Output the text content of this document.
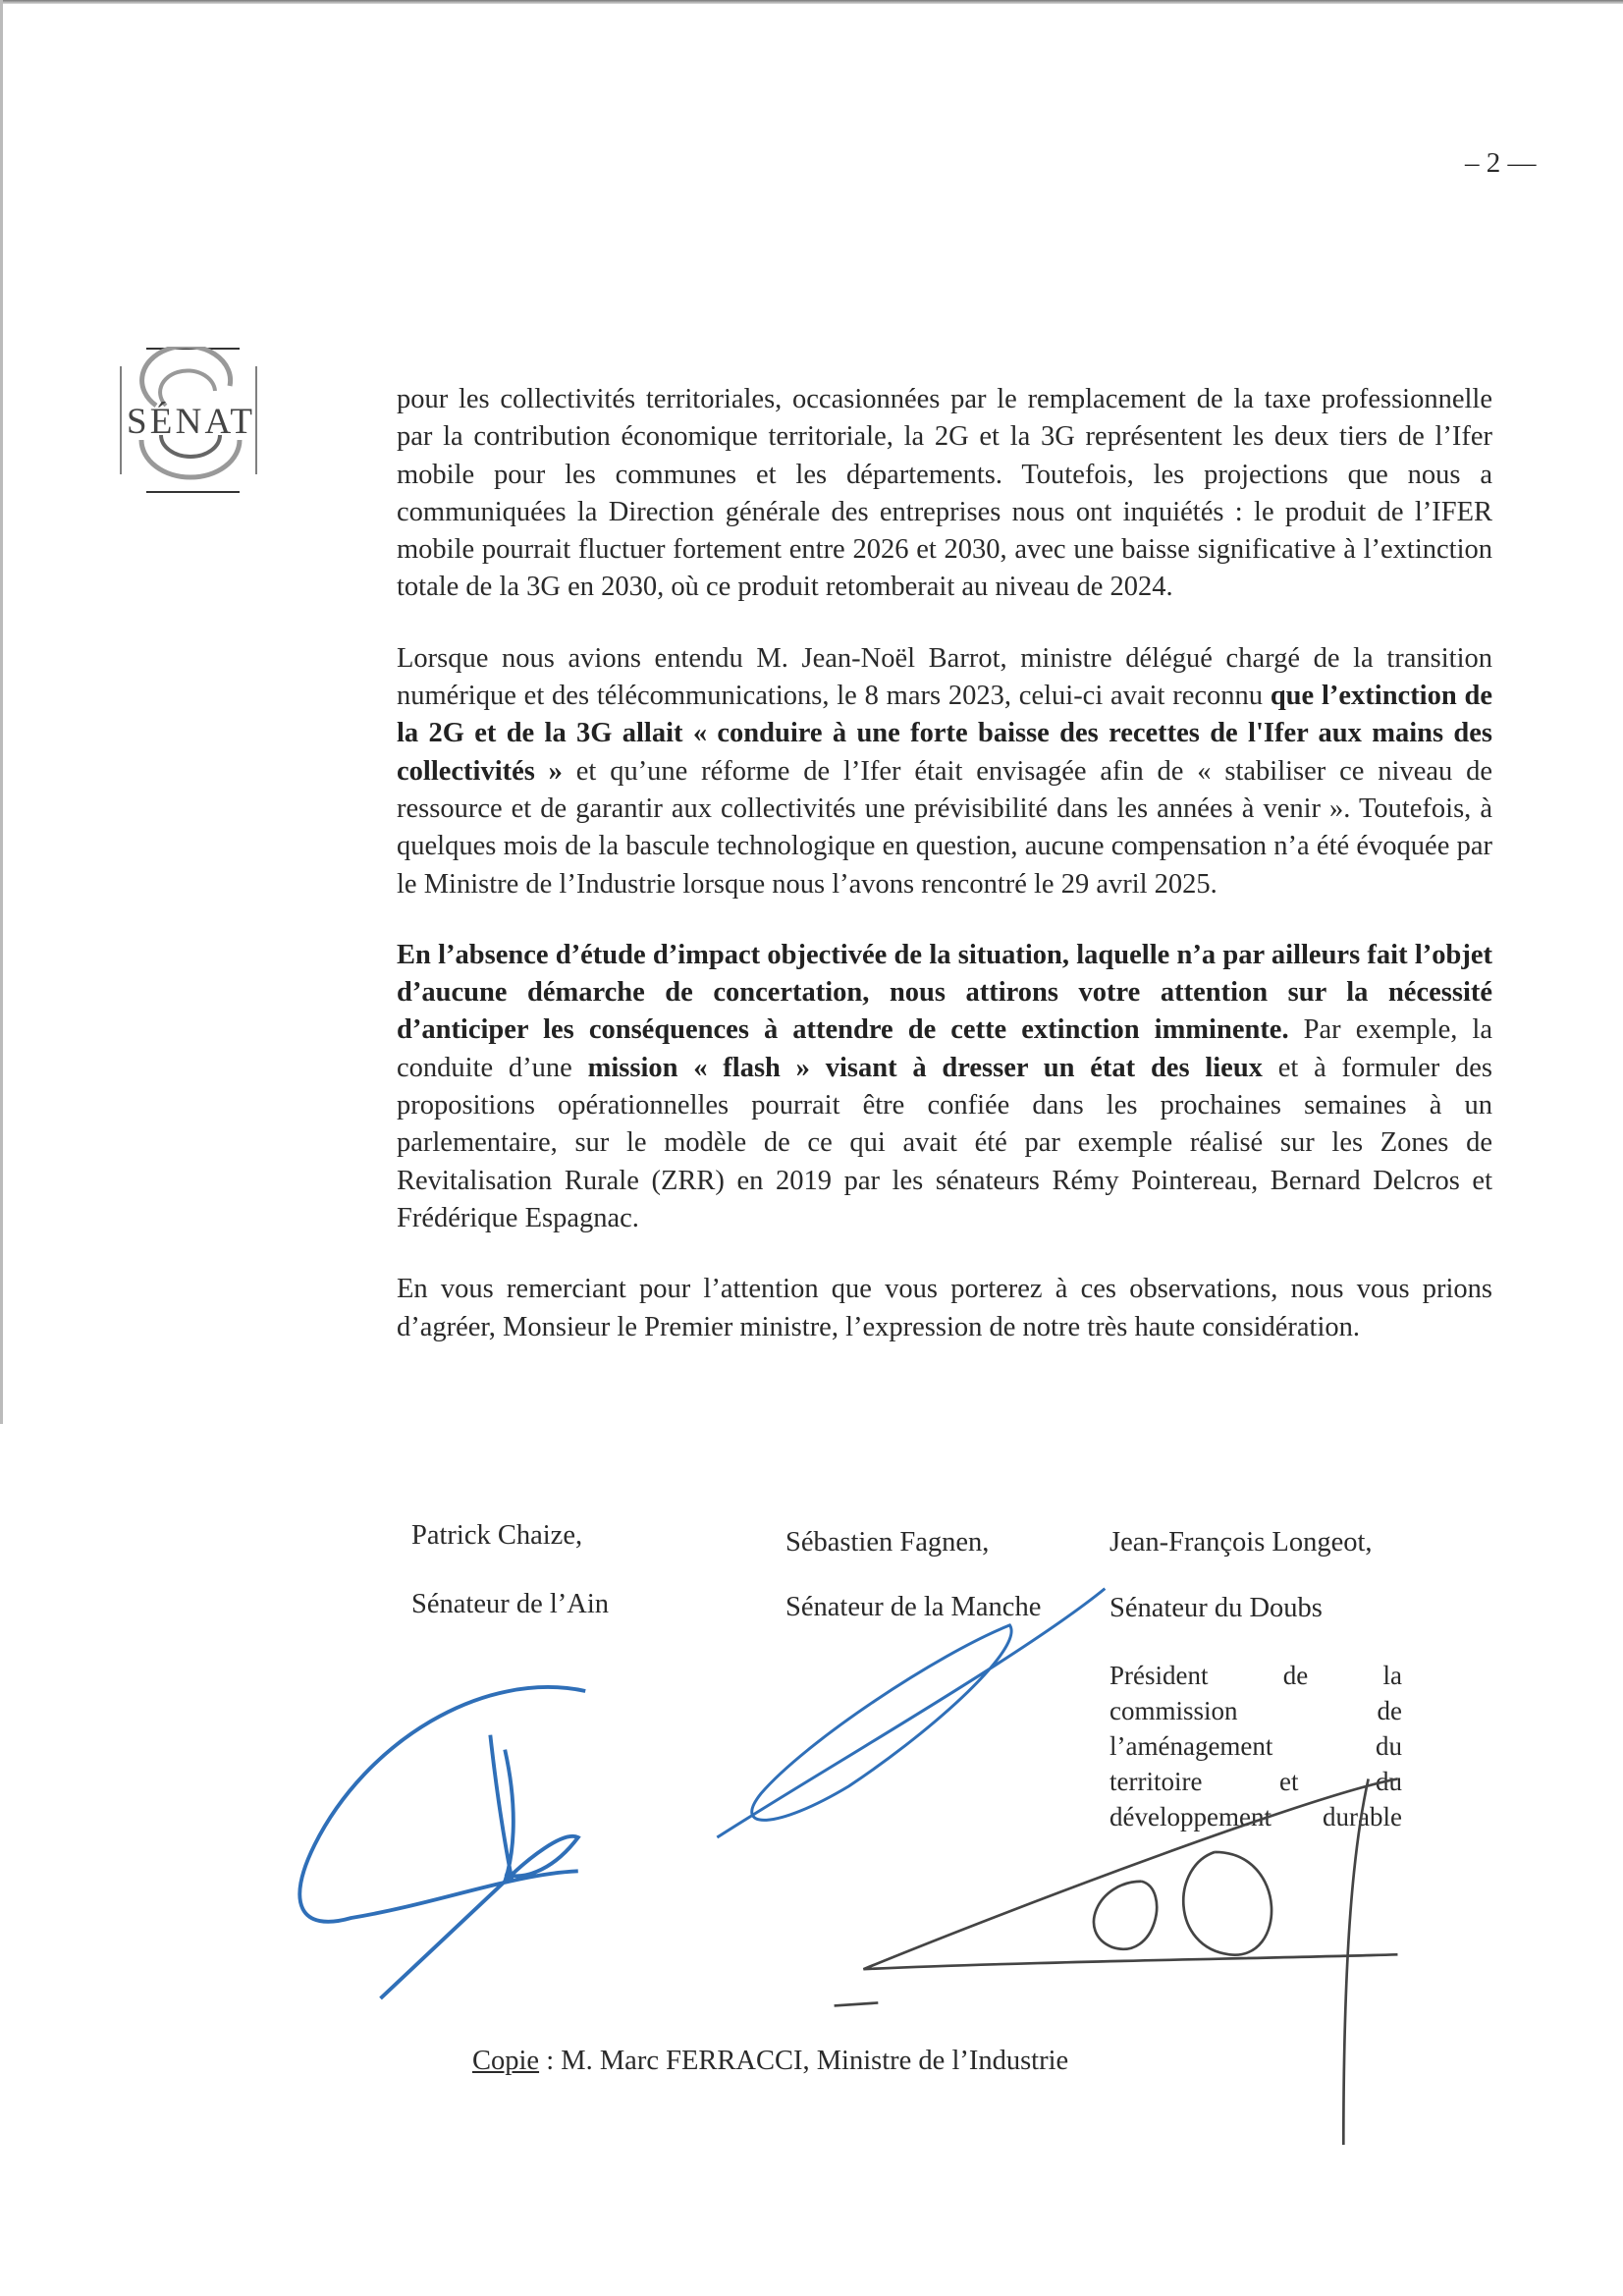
– 2 —
SÉNAT

pour les collectivités territoriales, occasionnées par le remplacement de la taxe professionnelle par la contribution économique territoriale, la 2G et la 3G représentent les deux tiers de l’Ifer mobile pour les communes et les départements. Toutefois, les projections que nous a communiquées la Direction générale des entreprises nous ont inquiétés : le produit de l’IFER mobile pourrait fluctuer fortement entre 2026 et 2030, avec une baisse significative à l’extinction totale de la 3G en 2030, où ce produit retomberait au niveau de 2024.

Lorsque nous avions entendu M. Jean-Noël Barrot, ministre délégué chargé de la transition numérique et des télécommunications, le 8 mars 2023, celui-ci avait reconnu que l’extinction de la 2G et de la 3G allait « conduire à une forte baisse des recettes de l'Ifer aux mains des collectivités » et qu’une réforme de l’Ifer était envisagée afin de « stabiliser ce niveau de ressource et de garantir aux collectivités une prévisibilité dans les années à venir ». Toutefois, à quelques mois de la bascule technologique en question, aucune compensation n’a été évoquée par le Ministre de l’Industrie lorsque nous l’avons rencontré le 29 avril 2025.

En l’absence d’étude d’impact objectivée de la situation, laquelle n’a par ailleurs fait l’objet d’aucune démarche de concertation, nous attirons votre attention sur la nécessité d’anticiper les conséquences à attendre de cette extinction imminente. Par exemple, la conduite d’une mission « flash » visant à dresser un état des lieux et à formuler des propositions opérationnelles pourrait être confiée dans les prochaines semaines à un parlementaire, sur le modèle de ce qui avait été par exemple réalisé sur les Zones de Revitalisation Rurale (ZRR) en 2019 par les sénateurs Rémy Pointereau, Bernard Delcros et Frédérique Espagnac.

En vous remerciant pour l’attention que vous porterez à ces observations, nous vous prions d’agréer, Monsieur le Premier ministre, l’expression de notre très haute considération.

Patrick Chaize,
Sénateur de l’Ain
Sébastien Fagnen,
Sénateur de la Manche
Jean-François Longeot,
Sénateur du Doubs
Président de la
commission de
l’aménagement du
territoire et du
développement durable
Copie : M. Marc FERRACCI, Ministre de l’Industrie
